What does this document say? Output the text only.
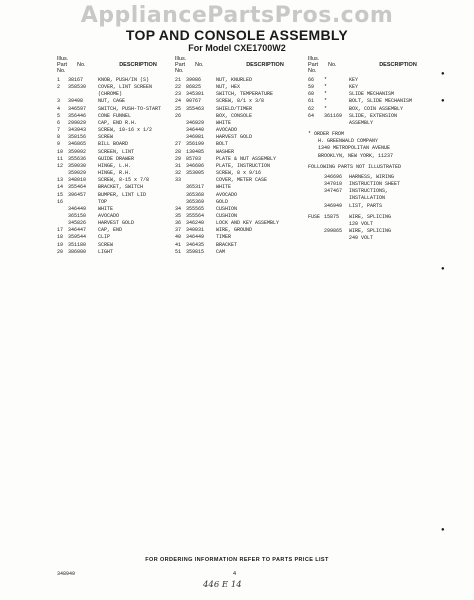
AppliancePartsPros.com
TOP AND CONSOLE ASSEMBLY
For Model CXE1700W2
Illus. Part
No.

No.
	DESCRIPTION
1	38167	KNOB, PUSH/IN (S)
2	358530	COVER, LINT SCREEN
(CHROME)
3	39408	NUT, CAGE
4	346597	SWITCH, PUSH-TO-START
5	356446	CONE FUNNEL
6	299029	CAP, END R.H.
7	343943	SCREW, 10-16 x 1/2
8	358156	SCREW
9	346865	BILL BOARD
10 359092	SCREEN, LINT
11 355636	GUIDE DRAWER
12 359030	HINGE, L.H.
359029	HINGE, R.H.
13 348010	SCREW, 8-15 x 7/8
14 355464	BRACKET, SWITCH
15 396457	BUMPER, LINT LID
16	TOP
346449	WHITE
365150	AVOCADO
345826	HARVEST GOLD
17 346447	CAP, END
18 359544	CLIP
19 351180	SCREW
20 386000	LIGHT
Illus. Part
No.

No.
	DESCRIPTION
21 39086	NUT, KNURLED
22 86825	NUT, HEX
23 345301	SWITCH, TEMPERATURE
24 90767	SCREW, 8/1 x 3/8
25 355463	SHIELD/TIMER
26	BOX, CONSOLE
346929	WHITE
346440	AVOCADO
346981	HARVEST GOLD
27 356199	BOLT
28 130485	WASHER
29 85703	PLATE & NUT ASSEMBLY
31 346606	PLATE, INSTRUCTION
32 353005	SCREW, 8 x 9/16
33	COVER, METER CASE
365317	WHITE
365368	AVOCADO
365369	GOLD
34 355565	CUSHION
35 355564	CUSHION
36 346240	LOCK AND KEY ASSEMBLY
37 340031	WIRE, GROUND
40 346449	TIMER
41 346435	BRACKET
51 359815	CAM
Illus. Part
No.

No.
	DESCRIPTION
66	*	KEY
59	*	KEY
60	*	SLIDE MECHANISM
61	*	BOLT, SLIDE MECHANISM
62	*	BOX, COIN ASSEMBLY
64	361169	SLIDE, EXTENSION
ASSEMBLY
* ORDER FROM
H. GREENWALD COMPANY
1340 METROPOLITAN AVENUE
BROOKLYN, NEW YORK, 11237
FOLLOWING PARTS NOT ILLUSTRATED
346696	HARNESS, WIRING
347010	INSTRUCTION SHEET
347467	INSTRUCTIONS,
INSTALLATION
346949	LIST, PARTS
FUSE 15875	WIRE, SPLICING
120 VOLT
299865	WIRE, SPLICING
240 VOLT
●
●
●
●
FOR ORDERING INFORMATION REFER TO PARTS PRICE LIST
348949	4
446 E 14
